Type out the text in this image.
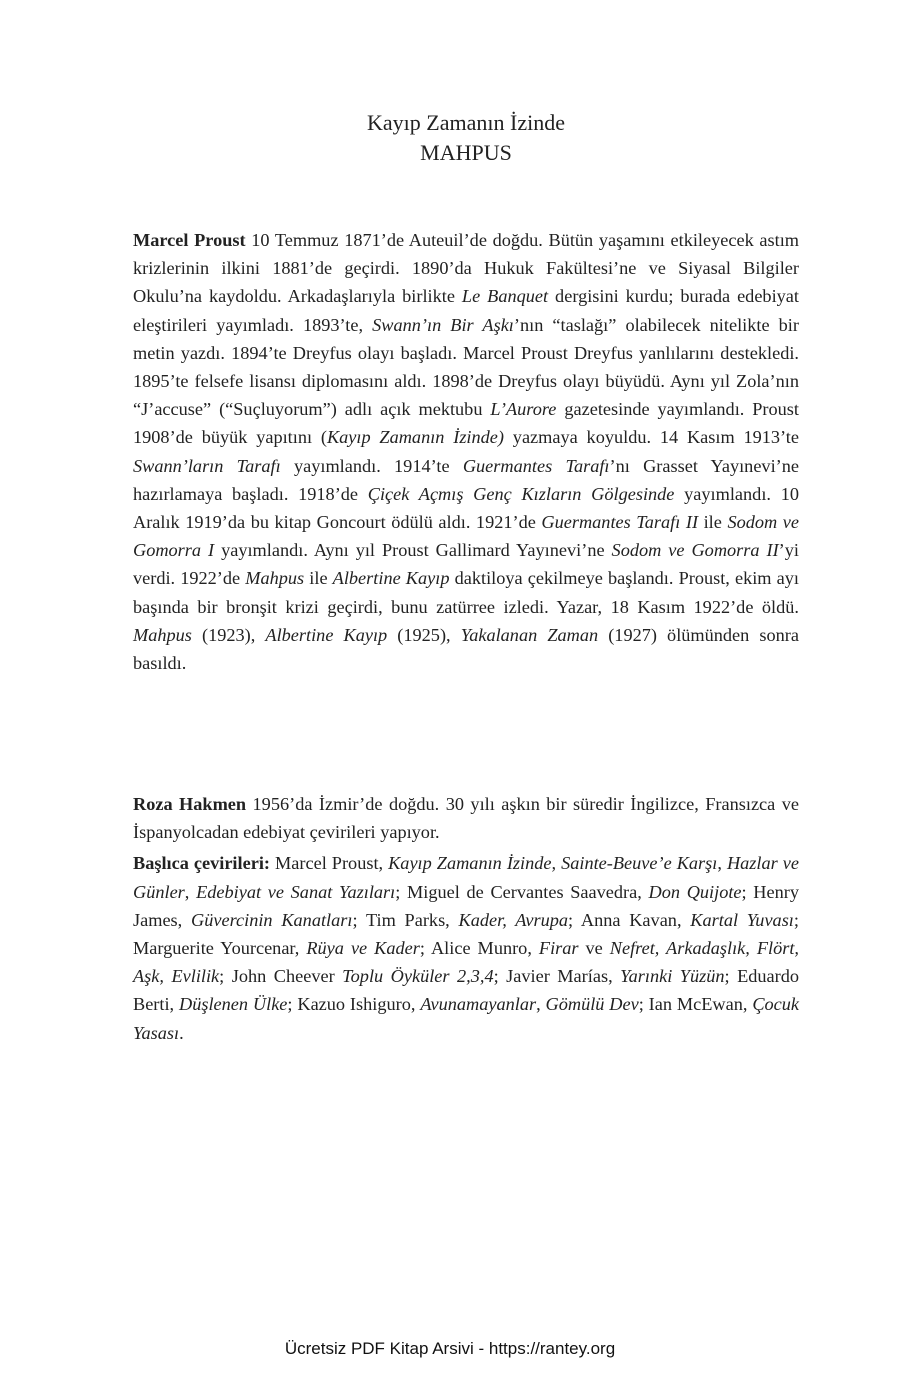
Kayıp Zamanın İzinde
MAHPUS

Marcel Proust 10 Temmuz 1871’de Auteuil’de doğdu. Bütün yaşamını etkileyecek astım krizlerinin ilkini 1881’de geçirdi. 1890’da Hukuk Fakültesi’ne ve Siyasal Bilgiler Okulu’na kaydoldu. Arkadaşlarıyla birlikte Le Banquet dergisini kurdu; burada edebiyat eleştirileri yayımladı. 1893’te, Swann’ın Bir Aşkı’nın “taslağı” olabilecek nitelikte bir metin yazdı. 1894’te Dreyfus olayı başladı. Marcel Proust Dreyfus yanlılarını destekledi. 1895’te felsefe lisansı diplomasını aldı. 1898’de Dreyfus olayı büyüdü. Aynı yıl Zola’nın “J’accuse” (“Suçluyorum”) adlı açık mektubu L’Aurore gazetesinde yayımlandı. Proust 1908’de büyük yapıtını (Kayıp Zamanın İzinde) yazmaya koyuldu. 14 Kasım 1913’te Swann’ların Tarafı yayımlandı. 1914’te Guermantes Tarafı’nı Grasset Yayınevi’ne hazırlamaya başladı. 1918’de Çiçek Açmış Genç Kızların Gölgesinde yayımlandı. 10 Aralık 1919’da bu kitap Goncourt ödülü aldı. 1921’de Guermantes Tarafı II ile Sodom ve Gomorra I yayımlandı. Aynı yıl Proust Gallimard Yayınevi’ne Sodom ve Gomorra II’yi verdi. 1922’de Mahpus ile Albertine Kayıp daktiloya çekilmeye başlandı. Proust, ekim ayı başında bir bronşit krizi geçirdi, bunu zatürree izledi. Yazar, 18 Kasım 1922’de öldü. Mahpus (1923), Albertine Kayıp (1925), Yakalanan Zaman (1927) ölümünden sonra basıldı.

Roza Hakmen 1956’da İzmir’de doğdu. 30 yılı aşkın bir süredir İngilizce, Fransızca ve İspanyolcadan edebiyat çevirileri yapıyor.

Başlıca çevirileri: Marcel Proust, Kayıp Zamanın İzinde, Sainte-Beuve’e Karşı, Hazlar ve Günler, Edebiyat ve Sanat Yazıları; Miguel de Cervantes Saavedra, Don Quijote; Henry James, Güvercinin Kanatları; Tim Parks, Kader, Avrupa; Anna Kavan, Kartal Yuvası; Marguerite Yourcenar, Rüya ve Kader; Alice Munro, Firar ve Nefret, Arkadaşlık, Flört, Aşk, Evlilik; John Cheever Toplu Öyküler 2,3,4; Javier Marías, Yarınki Yüzün; Eduardo Berti, Düşlenen Ülke; Kazuo Ishiguro, Avunamayanlar, Gömülü Dev; Ian McEwan, Çocuk Yasası.

Ücretsiz PDF Kitap Arsivi - https://rantey.org
